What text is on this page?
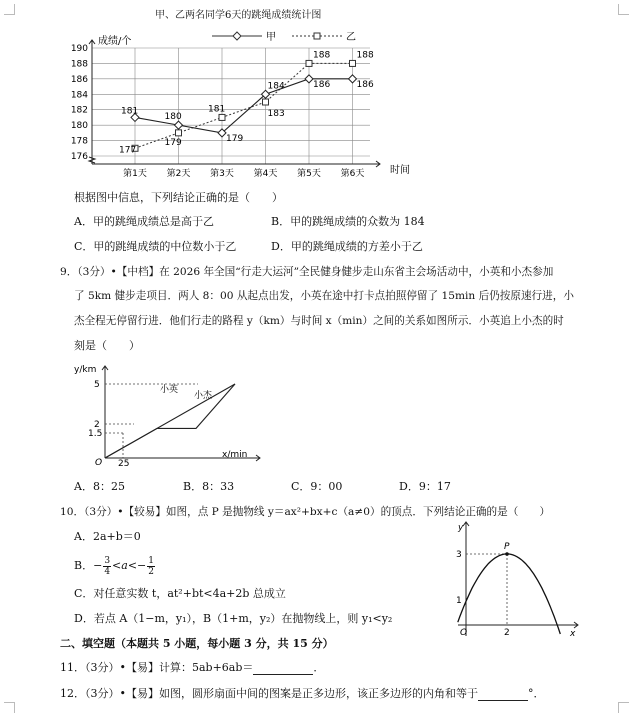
甲、乙两名同学6天的跳绳成绩统计图
176
178
180
182
184
186
188
190
第1天 第2天 第3天 第4天 第5天 第6天
177
179
181	183
188	188
181
180
179
184	186	186
甲	乙
成绩/个
时间
根据图中信息，下列结论正确的是（　　）
A．甲的跳绳成绩总是高于乙	B．甲的跳绳成绩的众数为 184
C．甲的跳绳成绩的中位数小于乙	D．甲的跳绳成绩的方差小于乙
9．（3分）•【中档】在 2026 年全国“行走大运河”全民健身健步走山东省主会场活动中，小英和小杰参加
了 5km 健步走项目．两人 8：00 从起点出发，小英在途中打卡点拍照停留了 15min 后仍按原速行进，小
杰全程无停留行进．他们行走的路程 y（km）与时间 x（min）之间的关系如图所示．小英追上小杰的时
刻是（　　）
y/km
x/min
5
2
1.5
O 25
小英
小杰
A．8：25	B．8：33	C．9：00	D．9：17
10．（3分）•【较易】如图，点 P 是抛物线 y＝ax²+bx+c（a≠0）的顶点．下列结论正确的是（　　）
A．2a+b＝0
B．− $\frac{3}{4} <a<- \frac{1}{2}$
C．对任意实数 t，at²+bt<4a+2b 总成立
D．若点 A（1−m，y₁），B（1+m，y₂）在抛物线上，则 y₁<y₂
y
x
P
3
1
2
O
二、填空题（本题共 5 小题，每小题 3 分，共 15 分）
11．（3分）•【易】计算：5ab+6ab＝	．
12．（3分）•【易】如图，圆形扇面中间的图案是正多边形，该正多边形的内角和等于	°．
